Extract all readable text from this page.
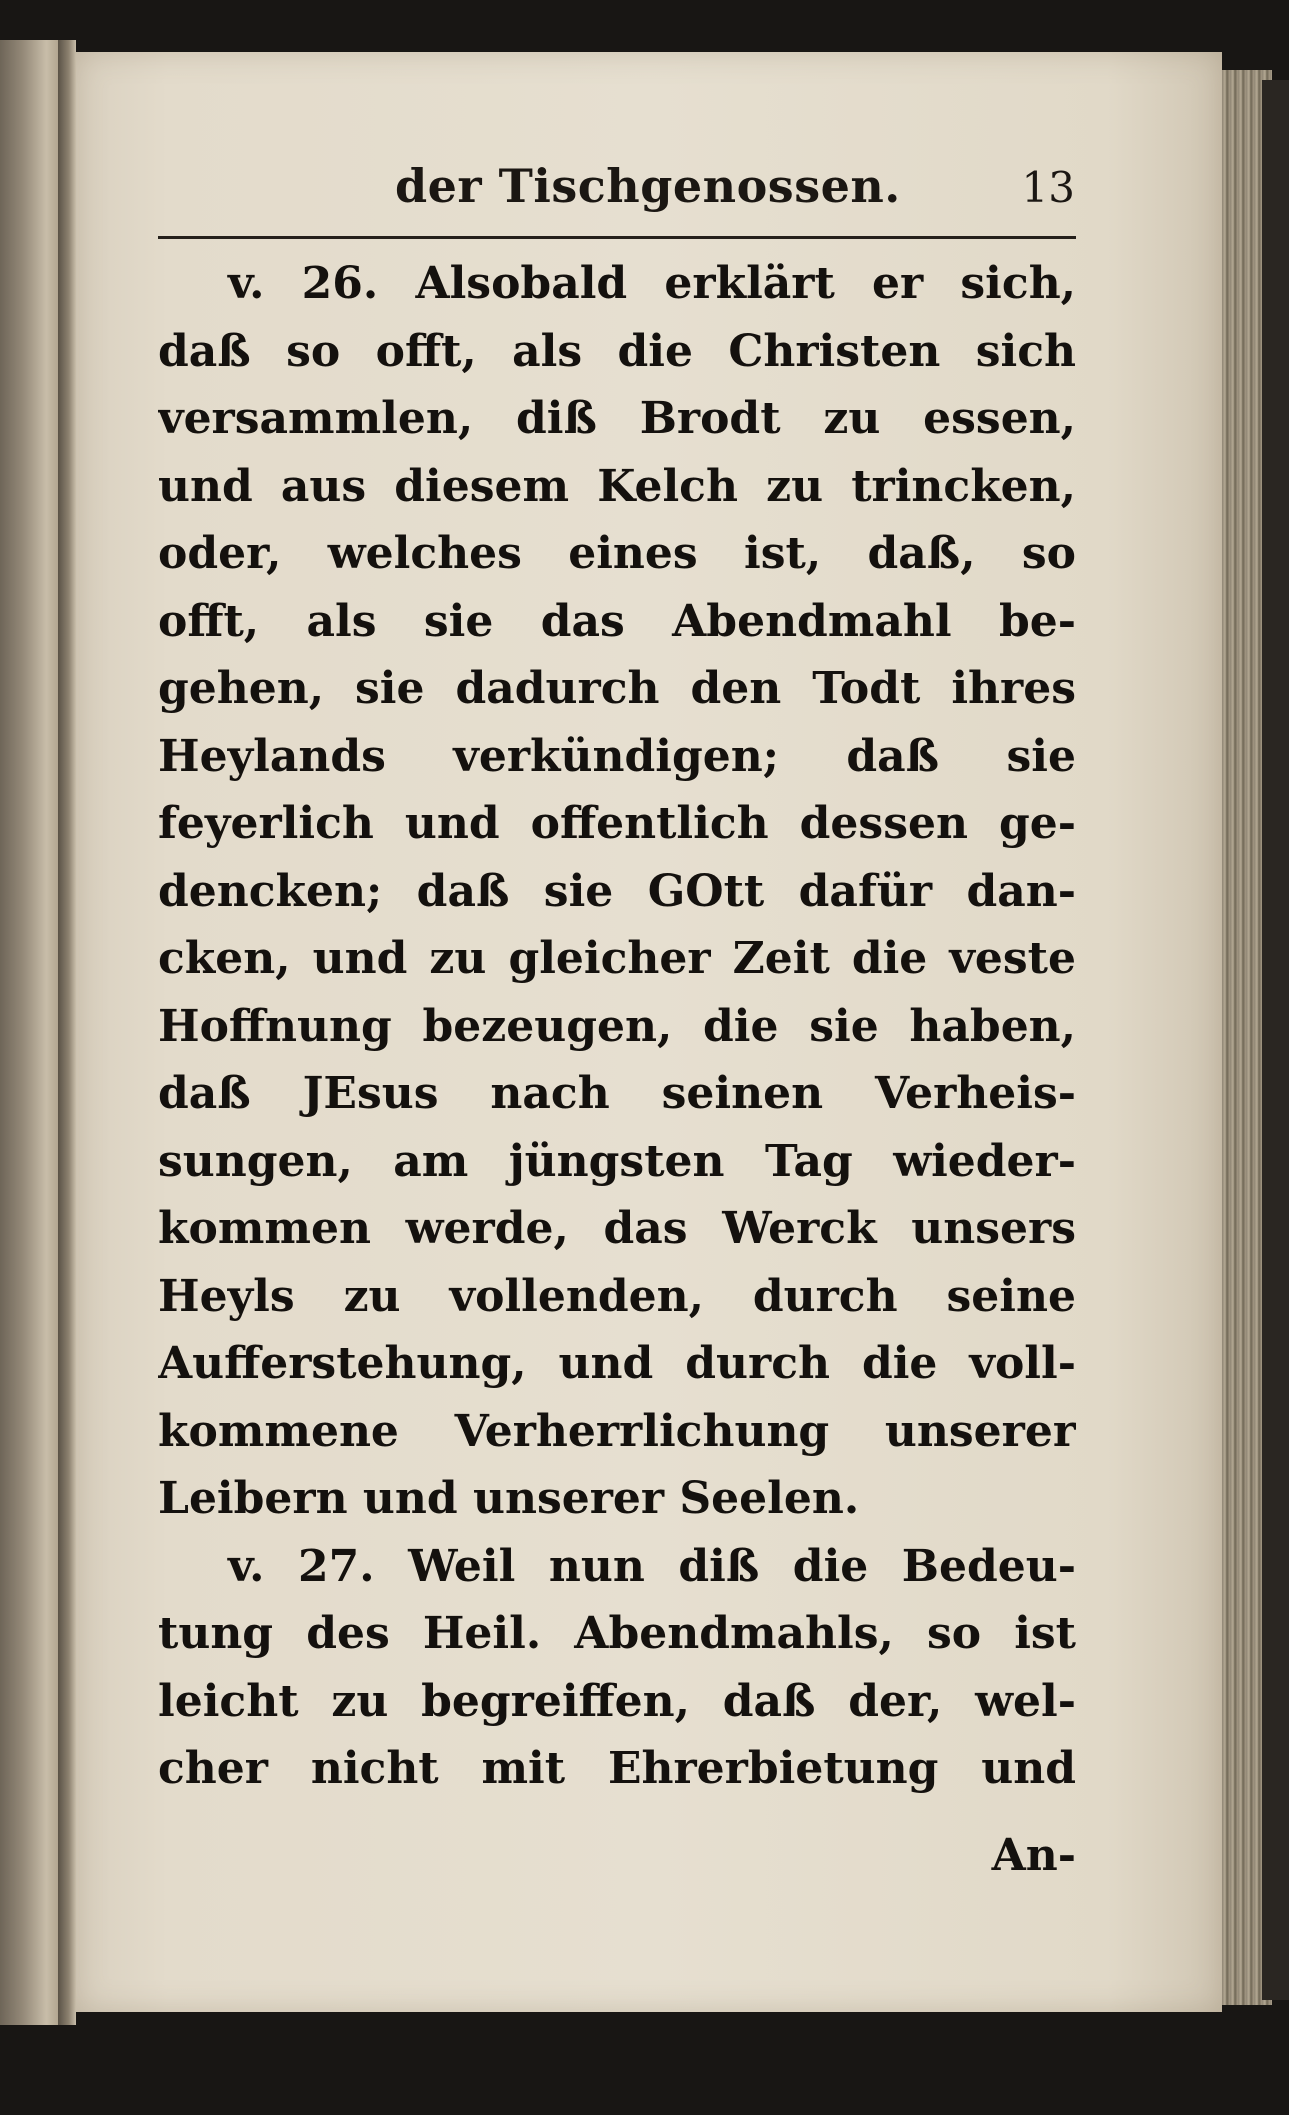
der Tischgenossen.	13
v. 26. Alsobald erklärt er sich,
daß so offt, als die Christen sich
versammlen, diß Brodt zu essen,
und aus diesem Kelch zu trincken,
oder, welches eines ist, daß, so
offt, als sie das Abendmahl be-
gehen, sie dadurch den Todt ihres
Heylands verkündigen; daß sie
feyerlich und offentlich dessen ge-
dencken; daß sie GOtt dafür dan-
cken, und zu gleicher Zeit die veste
Hoffnung bezeugen, die sie haben,
daß JEsus nach seinen Verheis-
sungen, am jüngsten Tag wieder-
kommen werde, das Werck unsers
Heyls zu vollenden, durch seine
Aufferstehung, und durch die voll-
kommene Verherrlichung unserer
Leibern und unserer Seelen.
v. 27. Weil nun diß die Bedeu-
tung des Heil. Abendmahls, so ist
leicht zu begreiffen, daß der, wel-
cher nicht mit Ehrerbietung und
An-
